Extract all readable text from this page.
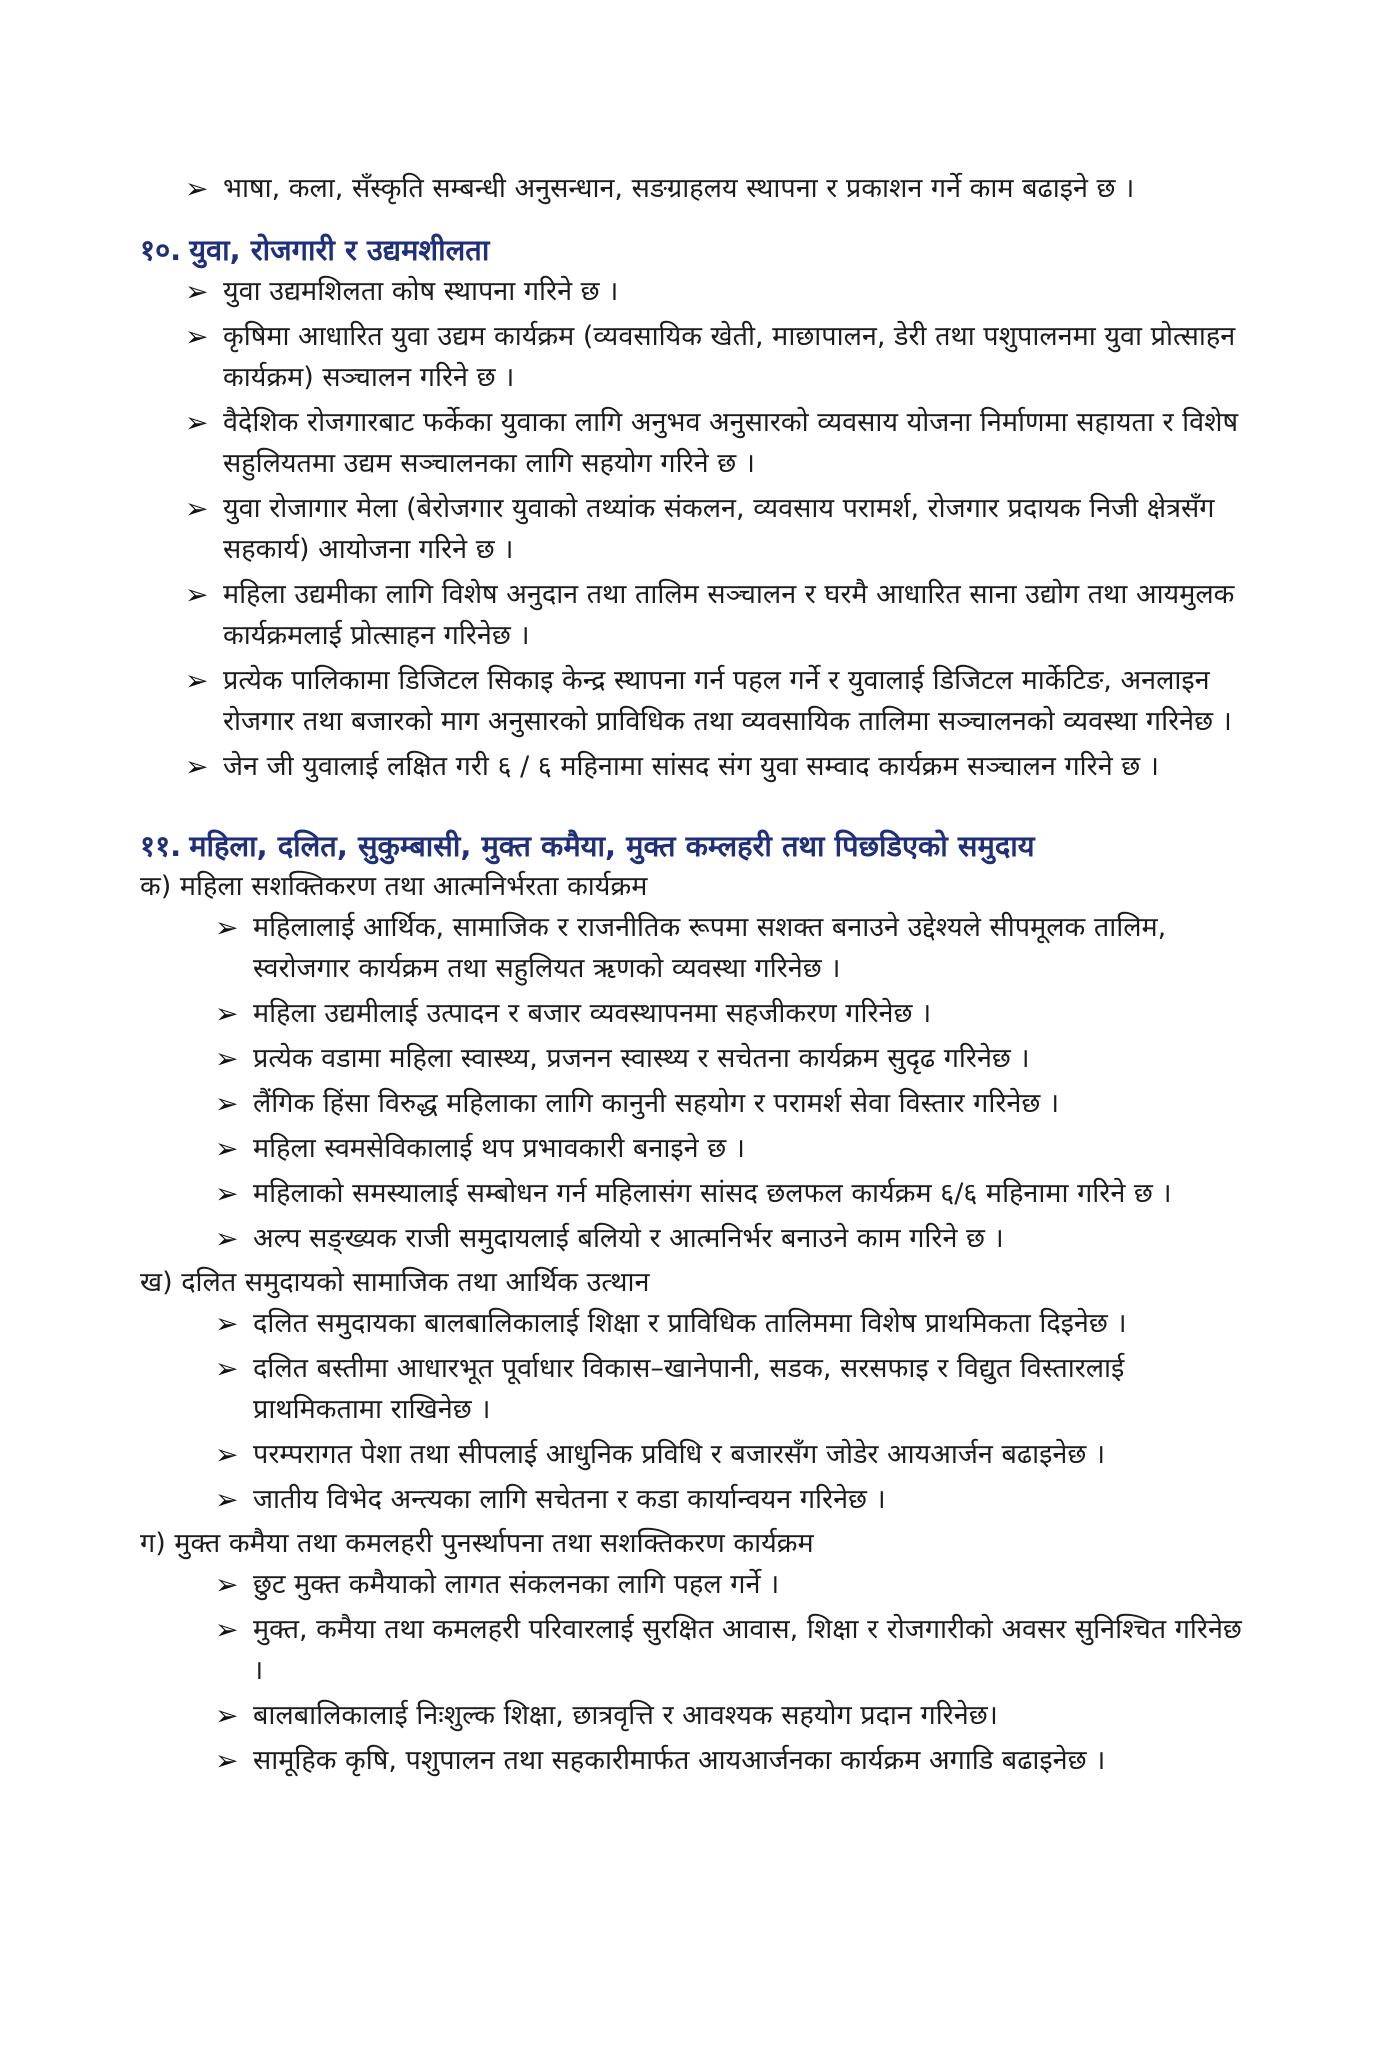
➢ भाषा, कला, सँस्कृति सम्बन्धी अनुसन्धान, सङग्राहलय स्थापना र प्रकाशन गर्ने काम बढाइने छ ।
१०. युवा, रोजगारी र उद्यमशीलता
➢ युवा उद्यमशिलता कोष स्थापना गरिने छ ।
➢ कृषिमा आधारित युवा उद्यम कार्यक्रम (व्यवसायिक खेती, माछापालन, डेरी तथा पशुपालनमा युवा प्रोत्साहन कार्यक्रम) सञ्चालन गरिने छ ।
➢ वैदेशिक रोजगारबाट फर्केका युवाका लागि अनुभव अनुसारको व्यवसाय योजना निर्माणमा सहायता र विशेष सहुलियतमा उद्यम सञ्चालनका लागि सहयोग गरिने छ ।
➢ युवा रोजागार मेला (बेरोजगार युवाको तथ्यांक संकलन, व्यवसाय परामर्श, रोजगार प्रदायक निजी क्षेत्रसँग सहकार्य) आयोजना गरिने छ ।
➢ महिला उद्यमीका लागि विशेष अनुदान तथा तालिम सञ्चालन र घरमै आधारित साना उद्योग तथा आयमुलक कार्यक्रमलाई प्रोत्साहन गरिनेछ ।
➢ प्रत्येक पालिकामा डिजिटल सिकाइ केन्द्र स्थापना गर्न पहल गर्ने र युवालाई डिजिटल मार्केटिङ, अनलाइन रोजगार तथा बजारको माग अनुसारको प्राविधिक तथा व्यवसायिक तालिमा सञ्चालनको व्यवस्था गरिनेछ ।
➢ जेन जी युवालाई लक्षित गरी ६ / ६ महिनामा सांसद संग युवा सम्वाद कार्यक्रम सञ्चालन गरिने छ ।
११. महिला, दलित, सुकुम्बासी, मुक्त कमैया, मुक्त कम्लहरी तथा पिछडिएको समुदाय

क) महिला सशक्तिकरण तथा आत्मनिर्भरता कार्यक्रम

➢ महिलालाई आर्थिक, सामाजिक र राजनीतिक रूपमा सशक्त बनाउने उद्देश्यले सीपमूलक तालिम, स्वरोजगार कार्यक्रम तथा सहुलियत ऋणको व्यवस्था गरिनेछ ।
➢ महिला उद्यमीलाई उत्पादन र बजार व्यवस्थापनमा सहजीकरण गरिनेछ ।
➢ प्रत्येक वडामा महिला स्वास्थ्य, प्रजनन स्वास्थ्य र सचेतना कार्यक्रम सुदृढ गरिनेछ ।
➢ लैंगिक हिंसा विरुद्ध महिलाका लागि कानुनी सहयोग र परामर्श सेवा विस्तार गरिनेछ ।
➢ महिला स्वमसेविकालाई थप प्रभावकारी बनाइने छ ।
➢ महिलाको समस्यालाई सम्बोधन गर्न महिलासंग सांसद छलफल कार्यक्रम ६/६ महिनामा गरिने छ ।
➢ अल्प सङ्ख्यक राजी समुदायलाई बलियो र आत्मनिर्भर बनाउने काम गरिने छ ।

ख) दलित समुदायको सामाजिक तथा आर्थिक उत्थान

➢ दलित समुदायका बालबालिकालाई शिक्षा र प्राविधिक तालिममा विशेष प्राथमिकता दिइनेछ ।
➢ दलित बस्तीमा आधारभूत पूर्वाधार विकास–खानेपानी, सडक, सरसफाइ र विद्युत विस्तारलाई प्राथमिकतामा राखिनेछ ।
➢ परम्परागत पेशा तथा सीपलाई आधुनिक प्रविधि र बजारसँग जोडेर आयआर्जन बढाइनेछ ।
➢ जातीय विभेद अन्त्यका लागि सचेतना र कडा कार्यान्वयन गरिनेछ ।

ग) मुक्त कमैया तथा कमलहरी पुनर्स्थापना तथा सशक्तिकरण कार्यक्रम

➢ छुट मुक्त कमैयाको लागत संकलनका लागि पहल गर्ने ।
➢ मुक्त, कमैया तथा कमलहरी परिवारलाई सुरक्षित आवास, शिक्षा र रोजगारीको अवसर सुनिश्चित गरिनेछ ।
➢ बालबालिकालाई निःशुल्क शिक्षा, छात्रवृत्ति र आवश्यक सहयोग प्रदान गरिनेछ।
➢ सामूहिक कृषि, पशुपालन तथा सहकारीमार्फत आयआर्जनका कार्यक्रम अगाडि बढाइनेछ ।
